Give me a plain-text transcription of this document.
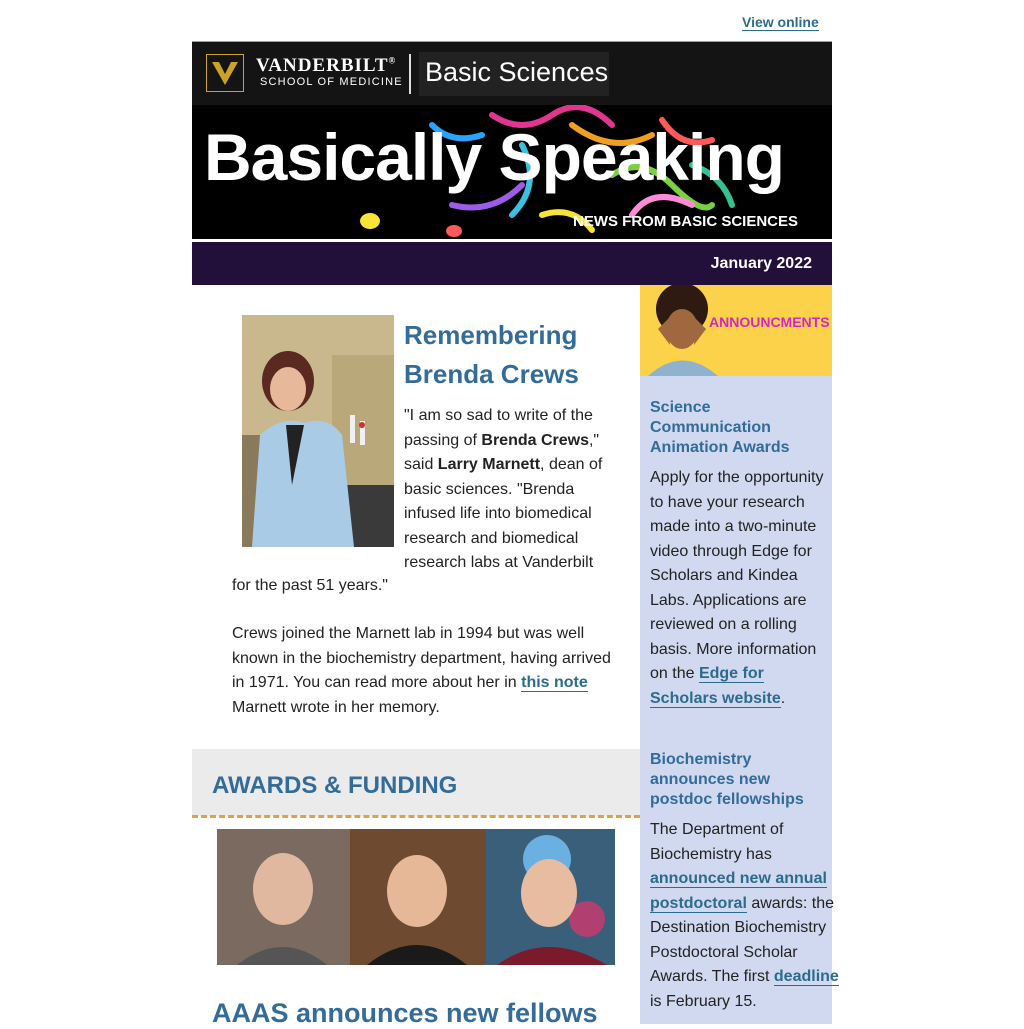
View online
VANDERBILT®
SCHOOL OF MEDICINE Basic Sciences
Basically Speaking
NEWS FROM BASIC SCIENCES
January 2022
Remembering Brenda Crews
"I am so sad to write of the passing of Brenda Crews," said Larry Marnett, dean of basic sciences. "Brenda infused life into biomedical research and biomedical research labs at Vanderbilt
for the past 51 years."
Crews joined the Marnett lab in 1994 but was well known in the biochemistry department, having arrived in 1971. You can read more about her in this note Marnett wrote in her memory.
AWARDS & FUNDING
AAAS announces new fellows
ANNOUNCMENTS
Science Communication Animation Awards
Apply for the opportunity to have your research made into a two-minute video through Edge for Scholars and Kindea Labs. Applications are reviewed on a rolling basis. More information on the Edge for Scholars website.
Biochemistry announces new postdoc fellowships
The Department of Biochemistry has announced new annual postdoctoral awards: the Destination Biochemistry Postdoctoral Scholar Awards. The first deadline is February 15.
